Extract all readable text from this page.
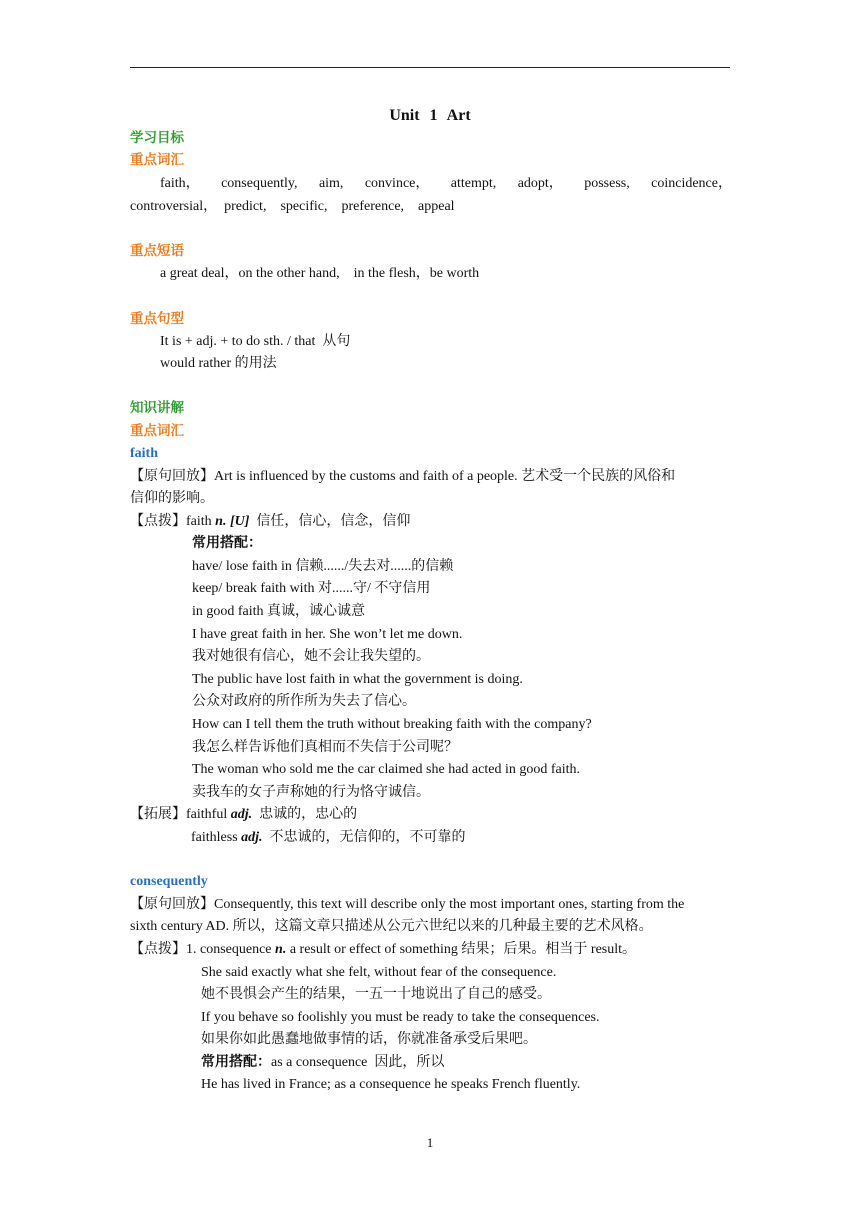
Unit 1 Art
学习目标
重点词汇
faith， consequently, aim, convince， attempt, adopt， possess, coincidence，
controversial，  predict,    specific,    preference,    appeal
重点短语
a great deal，on the other hand,    in the flesh，be worth
重点句型
It is + adj. + to do sth. / that  从句
would rather 的用法
知识讲解
重点词汇
faith
【原句回放】Art is influenced by the customs and faith of a people. 艺术受一个民族的风俗和
信仰的影响。
【点拨】faith n. [U]  信任，信心，信念，信仰
常用搭配：
have/ lose faith in 信赖....../失去对......的信赖
keep/ break faith with 对......守/ 不守信用
in good faith 真诚，诚心诚意
I have great faith in her. She won’t let me down.
我对她很有信心，她不会让我失望的。
The public have lost faith in what the government is doing.
公众对政府的所作所为失去了信心。
How can I tell them the truth without breaking faith with the company?
我怎么样告诉他们真相而不失信于公司呢？
The woman who sold me the car claimed she had acted in good faith.
卖我车的女子声称她的行为恪守诚信。
【拓展】faithful adj.  忠诚的，忠心的
faithless adj.  不忠诚的，无信仰的，不可靠的
consequently
【原句回放】Consequently, this text will describe only the most important ones, starting from the
sixth century AD. 所以，这篇文章只描述从公元六世纪以来的几种最主要的艺术风格。
【点拨】1. consequence n. a result or effect of something 结果；后果。相当于 result。
She said exactly what she felt, without fear of the consequence.
她不畏惧会产生的结果，一五一十地说出了自己的感受。
If you behave so foolishly you must be ready to take the consequences.
如果你如此愚蠢地做事情的话，你就准备承受后果吧。
常用搭配：as a consequence  因此，所以
He has lived in France; as a consequence he speaks French fluently.
1
